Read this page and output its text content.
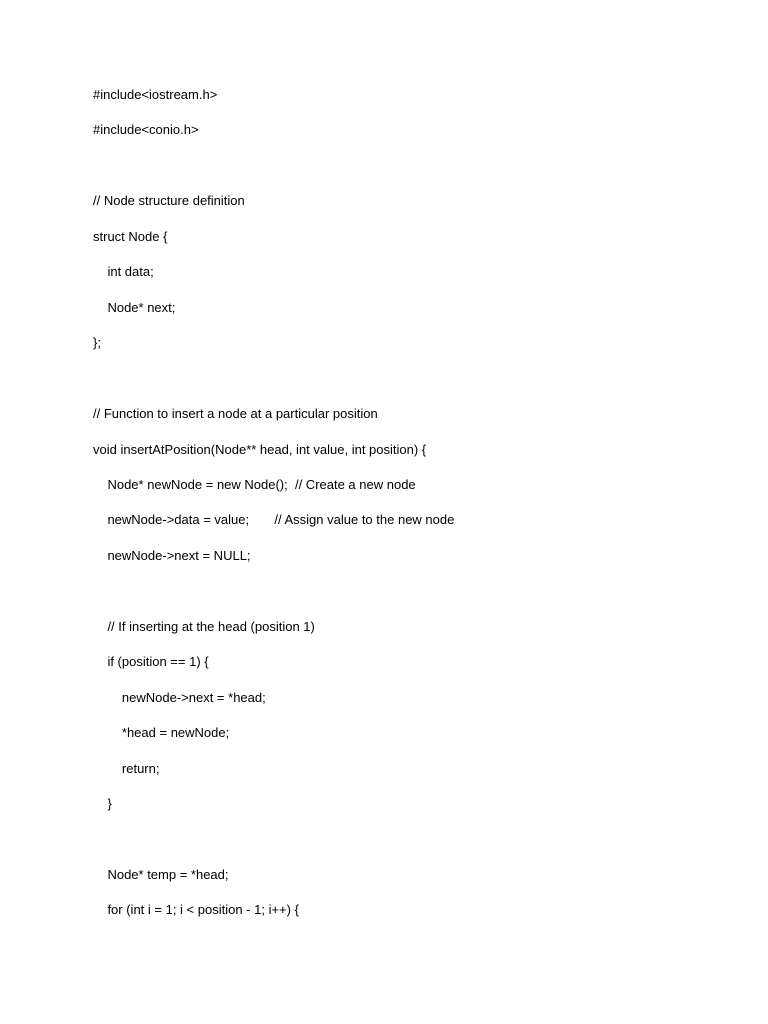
#include<iostream.h>
#include<conio.h>
// Node structure definition
struct Node {
int data;
Node* next;
};
// Function to insert a node at a particular position
void insertAtPosition(Node** head, int value, int position) {
Node* newNode = new Node();  // Create a new node
newNode->data = value;       // Assign value to the new node
newNode->next = NULL;
// If inserting at the head (position 1)
if (position == 1) {
newNode->next = *head;
*head = newNode;
return;
}
Node* temp = *head;
for (int i = 1; i < position - 1; i++) {
